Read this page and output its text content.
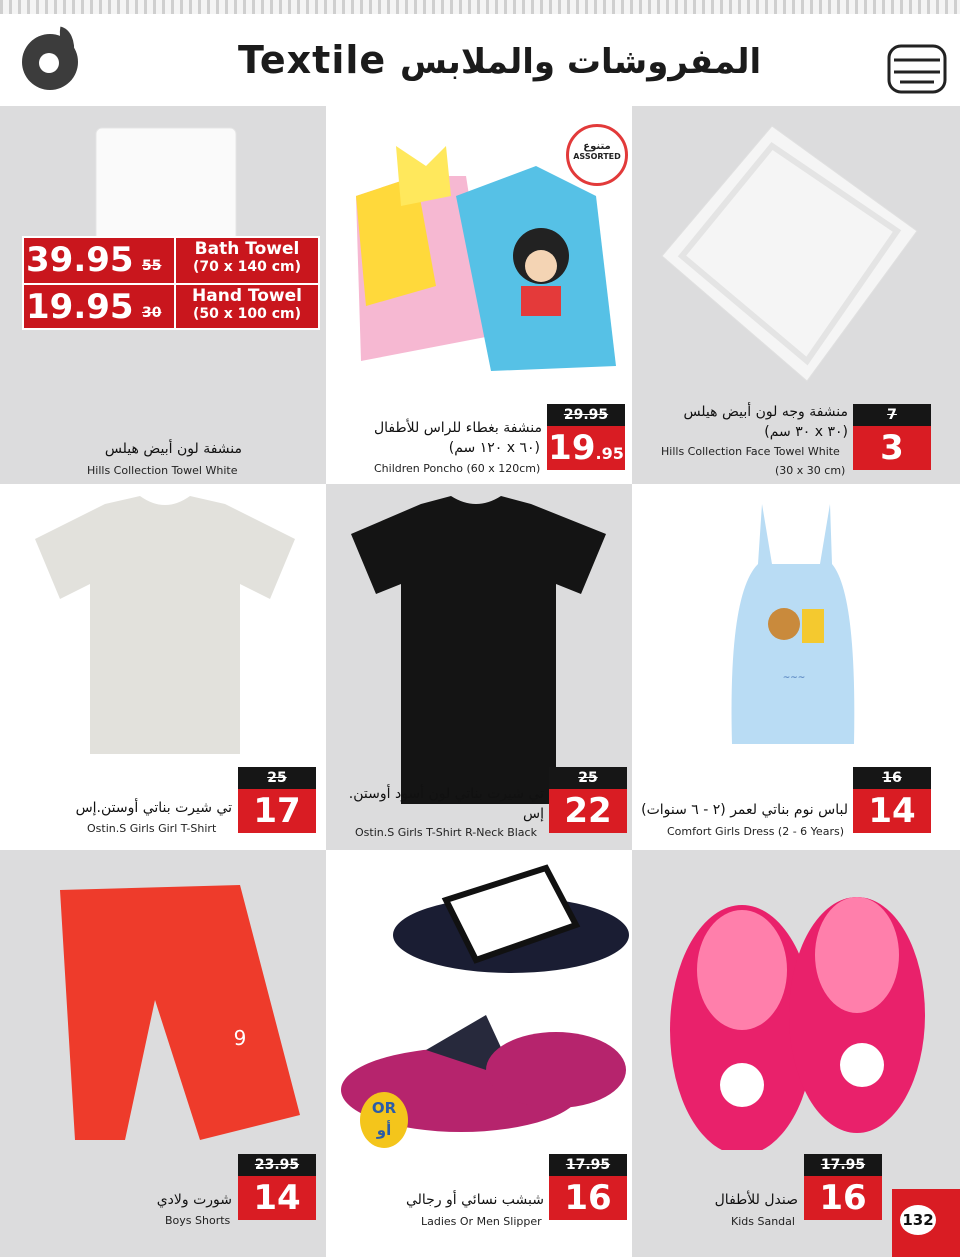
Textile المفروشات والملابس
متنوع
ASSORTED
~~~
9
OR
أو
39.95 55
Bath Towel
(70 x 140 cm)
19.95 30
Hand Towel
(50 x 100 cm)
منشفة لون أبيض هيلس
Hills Collection Towel White
29.95
19.95
منشفة بغطاء للراس للأطفال
(٦٠ x ١٢٠ سم)
Children Poncho (60 x 120cm)
7
3
منشفة وجه لون أبيض هيلس
(٣٠ x ٣٠ سم)
Hills Collection Face Towel White
(30 x 30 cm)
25
17
تي شيرت بناتي أوستن.إس
Ostin.S Girls Girl T-Shirt
25
22
تي شيرت بناتي لون أسود أوستن.
إس
Ostin.S Girls T-Shirt R-Neck Black
16
14
لباس نوم بناتي لعمر (٢ - ٦ سنوات)
Comfort Girls Dress (2 - 6 Years)
23.95
14
شورت ولادي
Boys Shorts
17.95
16
شبشب نسائي أو رجالي
Ladies Or Men Slipper
17.95
16
صندل للأطفال
Kids Sandal	132
